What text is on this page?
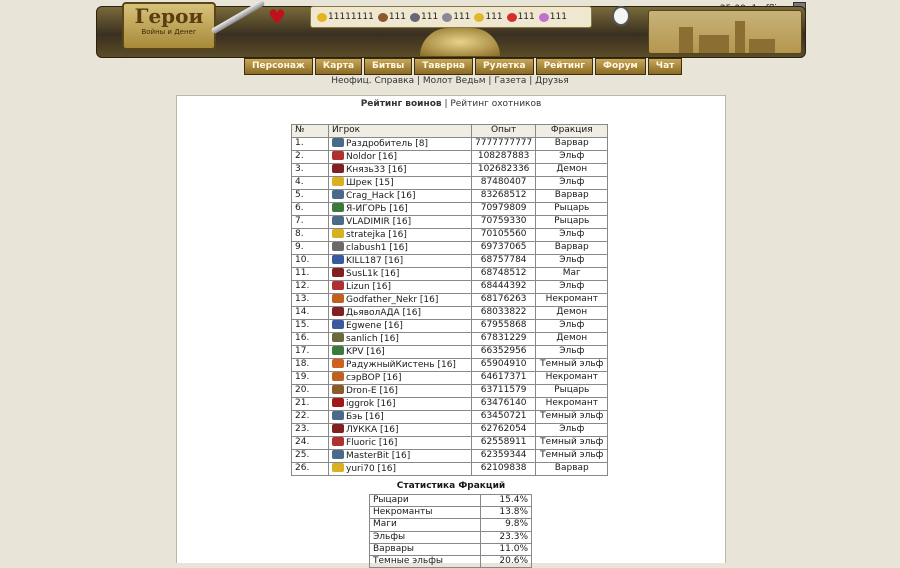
Герои
Войны и Денег
♥	11111111 111 111 111 111 111 111
Персонаж	Карта	Битвы	Таверна	Рулетка	Рейтинг	Форум	Чат
Неофиц. Справка | Молот Ведьм | Газета | Друзья
Рейтинг воинов | Рейтинг охотников
№	Игрок	Опыт	Фракция
1.	Раздробитель [8]	7777777777	Варвар
2.	Noldor [16]	108287883	Эльф
3.	Князь33 [16]	102682336	Демон
4.	Шрек [15]	87480407	Эльф
5.	Crag_Hack [16]	83268512	Варвар
6.	Я-ИГОРЬ [16]	70979809	Рыцарь
7.	VLADIMIR [16]	70759330	Рыцарь
8.	stratejka [16]	70105560	Эльф
9.	clabush1 [16]	69737065	Варвар
10.	KILL187 [16]	68757784	Эльф
11.	SusL1k [16]	68748512	Маг
12.	Lizun [16]	68444392	Эльф
13.	Godfather_Nekr [16]	68176263	Некромант
14.	ДьяволАДА [16]	68033822	Демон
15.	Egwene [16]	67955868	Эльф
16.	sanlich [16]	67831229	Демон
17.	KPV [16]	66352956	Эльф
18.	РадужныйКистень [16]	65904910	Темный эльф
19.	сэрBOP [16]	64617371	Некромант
20.	Dron-E [16]	63711579	Рыцарь
21.	iggrok [16]	63476140	Некромант
22.	Бэь [16]	63450721	Темный эльф
23.	ЛУККА [16]	62762054	Эльф
24.	Fluoric [16]	62558911	Темный эльф
25.	MasterBit [16]	62359344	Темный эльф
26.	yuri70 [16]	62109838	Варвар
Статистика Фракций
Рыцари	15.4%
Некроманты	13.8%
Маги	9.8%
Эльфы	23.3%
Варвары	11.0%
Темные эльфы	20.6%
